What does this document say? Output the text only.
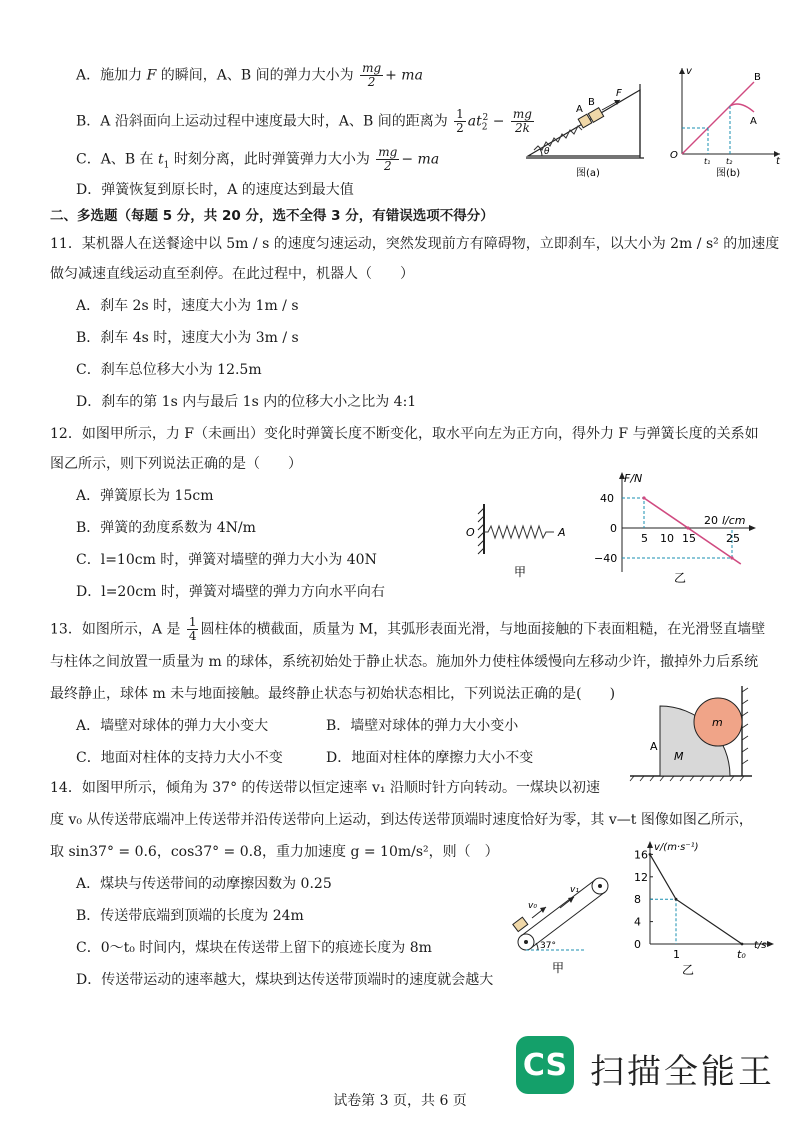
A．施加力 F 的瞬间，A、B 间的弹力大小为 $\frac{mg}{2}$ + ma
B．A 沿斜面向上运动过程中速度最大时，A、B 间的距离为 $\frac{1}{2} at_2^2 - \frac{mg}{2k}$
C．A、B 在 $t_1$ 时刻分离，此时弹簧弹力大小为 $\frac{mg}{2}$ − ma
D．弹簧恢复到原长时，A 的速度达到最大值
A
B
F
θ
图(a)
v
B
A
O
t₁ t₂	t
图(b)
二、多选题（每题 5 分，共 20 分，选不全得 3 分，有错误选项不得分）
11．某机器人在送餐途中以 5m / s 的速度匀速运动，突然发现前方有障碍物，立即刹车，以大小为 2m / s² 的加速度
做匀减速直线运动直至刹停。在此过程中，机器人（　　）
A．刹车 2s 时，速度大小为 1m / s
B．刹车 4s 时，速度大小为 3m / s
C．刹车总位移大小为 12.5m
D．刹车的第 1s 内与最后 1s 内的位移大小之比为 4:1
12．如图甲所示，力 F（未画出）变化时弹簧长度不断变化，取水平向左为正方向，得外力 F 与弹簧长度的关系如
图乙所示，则下列说法正确的是（　　）
A．弹簧原长为 15cm
B．弹簧的劲度系数为 4N/m
C．l=10cm 时，弹簧对墙壁的弹力大小为 40N
D．l=20cm 时，弹簧对墙壁的弹力方向水平向右
O	A
甲
F/N
l/cm
40
0
−40
5 10 15
20
25
乙
13．如图所示，A 是 $\frac{1}{4}$ 圆柱体的横截面，质量为 M，其弧形表面光滑，与地面接触的下表面粗糙，在光滑竖直墙壁
与柱体之间放置一质量为 m 的球体，系统初始处于静止状态。施加外力使柱体缓慢向左移动少许，撤掉外力后系统
最终静止，球体 m 未与地面接触。最终静止状态与初始状态相比，下列说法正确的是(　　)
A．墙壁对球体的弹力大小变大	B．墙壁对球体的弹力大小变小
C．地面对柱体的支持力大小不变	D．地面对柱体的摩擦力大小不变
A
M
m
14．如图甲所示，倾角为 37° 的传送带以恒定速率 v₁ 沿顺时针方向转动。一煤块以初速
度 v₀ 从传送带底端冲上传送带并沿传送带向上运动，到达传送带顶端时速度恰好为零，其 v—t 图像如图乙所示，
取 sin37° = 0.6，cos37° = 0.8，重力加速度 g = 10m/s²，则（　）
A．煤块与传送带间的动摩擦因数为 0.25
B．传送带底端到顶端的长度为 24m
C．0～t₀ 时间内，煤块在传送带上留下的痕迹长度为 8m
D．传送带运动的速率越大，煤块到达传送带顶端时的速度就会越大
v₀
v₁
37°
甲
v/(m·s⁻¹)
t/s
16
12
8
4
0
1	t₀
乙
CS 扫描全能王
试卷第 3 页，共 6 页
